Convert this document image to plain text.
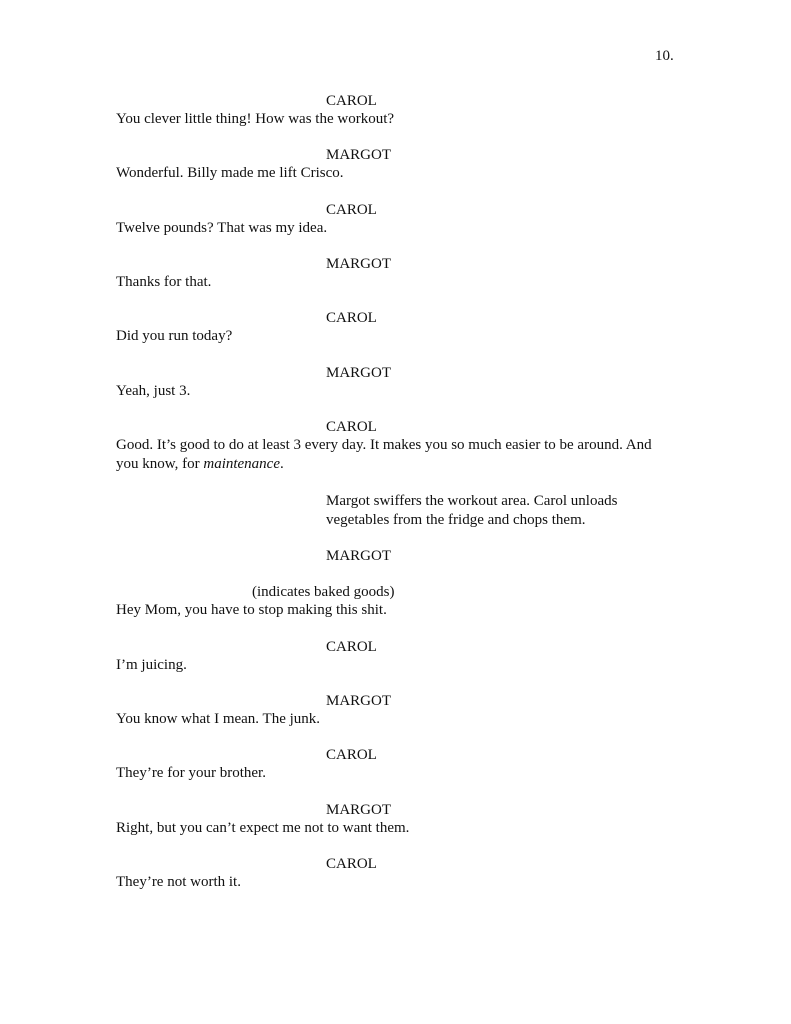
10.
CAROL
You clever little thing! How was the workout?
MARGOT
Wonderful. Billy made me lift Crisco.
CAROL
Twelve pounds? That was my idea.
MARGOT
Thanks for that.
CAROL
Did you run today?
MARGOT
Yeah, just 3.
CAROL
Good. It’s good to do at least 3 every day. It makes you so much easier to be around. And
you know, for maintenance.
Margot swiffers the workout area. Carol unloads
vegetables from the fridge and chops them.
MARGOT
(indicates baked goods)
Hey Mom, you have to stop making this shit.
CAROL
I’m juicing.
MARGOT
You know what I mean. The junk.
CAROL
They’re for your brother.
MARGOT
Right, but you can’t expect me not to want them.
CAROL
They’re not worth it.
